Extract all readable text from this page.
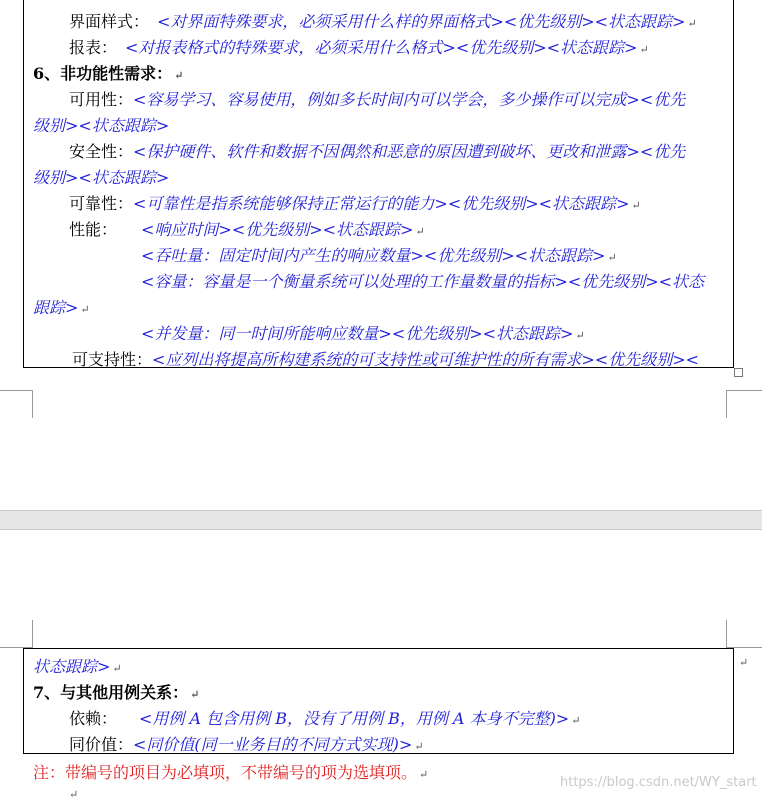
界面样式： <对界面特殊要求，必须采用什么样的界面格式><优先级别><状态跟踪> ↵
报表： <对报表格式的特殊要求，必须采用什么格式><优先级别><状态跟踪> ↵
6、非功能性需求： ↵
可用性：<容易学习、容易使用，例如多长时间内可以学会，多少操作可以完成><优先
级别><状态跟踪>
安全性：<保护硬件、软件和数据不因偶然和恶意的原因遭到破坏、更改和泄露><优先
级别><状态跟踪>
可靠性：<可靠性是指系统能够保持正常运行的能力><优先级别><状态跟踪> ↵
性能： <响应时间><优先级别><状态跟踪> ↵
<吞吐量：固定时间内产生的响应数量><优先级别><状态跟踪> ↵
<容量：容量是一个衡量系统可以处理的工作量数量的指标><优先级别><状态
跟踪> ↵
<并发量：同一时间所能响应数量><优先级别><状态跟踪> ↵
可支持性：<应列出将提高所构建系统的可支持性或可维护性的所有需求><优先级别><
↵
状态跟踪> ↵
7、与其他用例关系： ↵
依赖： <用例 A 包含用例 B，没有了用例 B，用例 A 本身不完整)> ↵
同价值：<同价值(同一业务目的不同方式实现)> ↵
注：带编号的项目为必填项，不带编号的项为选填项。 ↵
↵
https://blog.csdn.net/WY_start
